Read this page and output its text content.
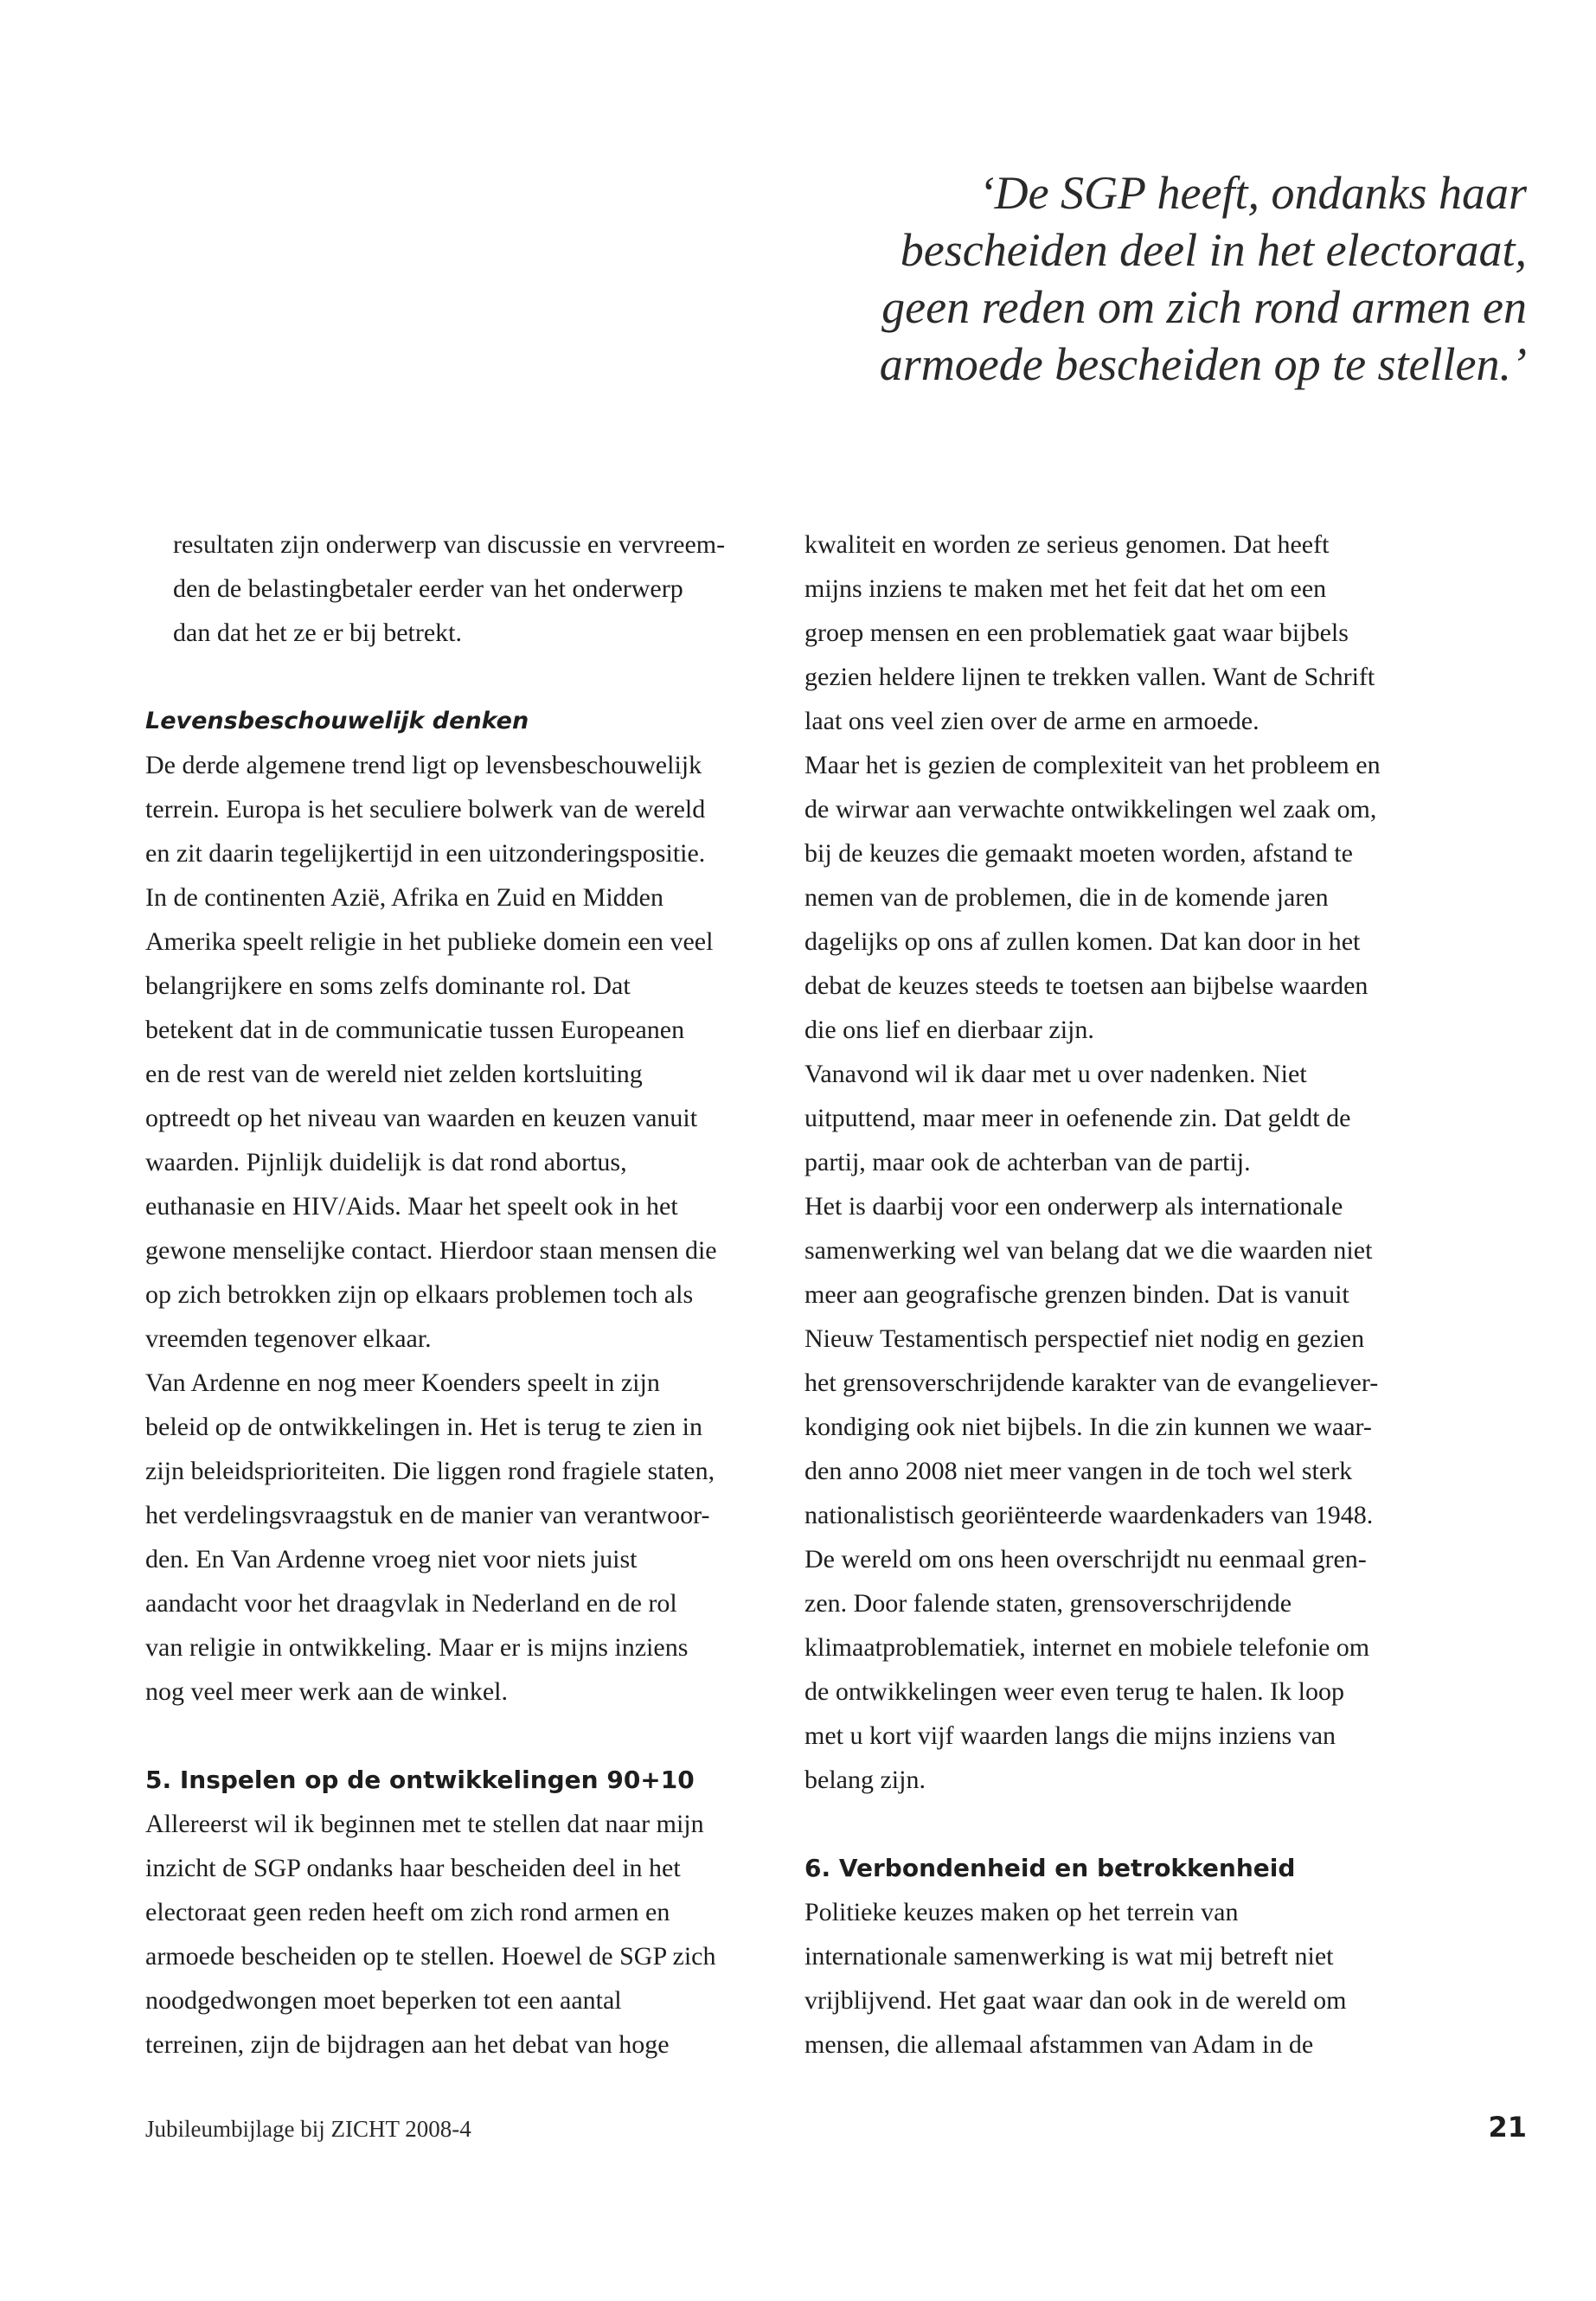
‘De SGP heeft, ondanks haar
bescheiden deel in het electoraat,
geen reden om zich rond armen en
armoede bescheiden op te stellen.’
resultaten zijn onderwerp van discussie en vervreem-
den de belastingbetaler eerder van het onderwerp
dan dat het ze er bij betrekt.
Levensbeschouwelijk denken
De derde algemene trend ligt op levensbeschouwelijk
terrein. Europa is het seculiere bolwerk van de wereld
en zit daarin tegelijkertijd in een uitzonderingspositie.
In de continenten Azië, Afrika en Zuid en Midden
Amerika speelt religie in het publieke domein een veel
belangrijkere en soms zelfs dominante rol. Dat
betekent dat in de communicatie tussen Europeanen
en de rest van de wereld niet zelden kortsluiting
optreedt op het niveau van waarden en keuzen vanuit
waarden. Pijnlijk duidelijk is dat rond abortus,
euthanasie en HIV/Aids. Maar het speelt ook in het
gewone menselijke contact. Hierdoor staan mensen die
op zich betrokken zijn op elkaars problemen toch als
vreemden tegenover elkaar.
Van Ardenne en nog meer Koenders speelt in zijn
beleid op de ontwikkelingen in. Het is terug te zien in
zijn beleidsprioriteiten. Die liggen rond fragiele staten,
het verdelingsvraagstuk en de manier van verantwoor-
den. En Van Ardenne vroeg niet voor niets juist
aandacht voor het draagvlak in Nederland en de rol
van religie in ontwikkeling. Maar er is mijns inziens
nog veel meer werk aan de winkel.
5. Inspelen op de ontwikkelingen 90+10
Allereerst wil ik beginnen met te stellen dat naar mijn
inzicht de SGP ondanks haar bescheiden deel in het
electoraat geen reden heeft om zich rond armen en
armoede bescheiden op te stellen. Hoewel de SGP zich
noodgedwongen moet beperken tot een aantal
terreinen, zijn de bijdragen aan het debat van hoge
kwaliteit en worden ze serieus genomen. Dat heeft
mijns inziens te maken met het feit dat het om een
groep mensen en een problematiek gaat waar bijbels
gezien heldere lijnen te trekken vallen. Want de Schrift
laat ons veel zien over de arme en armoede.
Maar het is gezien de complexiteit van het probleem en
de wirwar aan verwachte ontwikkelingen wel zaak om,
bij de keuzes die gemaakt moeten worden, afstand te
nemen van de problemen, die in de komende jaren
dagelijks op ons af zullen komen. Dat kan door in het
debat de keuzes steeds te toetsen aan bijbelse waarden
die ons lief en dierbaar zijn.
Vanavond wil ik daar met u over nadenken. Niet
uitputtend, maar meer in oefenende zin. Dat geldt de
partij, maar ook de achterban van de partij.
Het is daarbij voor een onderwerp als internationale
samenwerking wel van belang dat we die waarden niet
meer aan geografische grenzen binden. Dat is vanuit
Nieuw Testamentisch perspectief niet nodig en gezien
het grensoverschrijdende karakter van de evangeliever-
kondiging ook niet bijbels. In die zin kunnen we waar-
den anno 2008 niet meer vangen in de toch wel sterk
nationalistisch georiënteerde waardenkaders van 1948.
De wereld om ons heen overschrijdt nu eenmaal gren-
zen. Door falende staten, grensoverschrijdende
klimaatproblematiek, internet en mobiele telefonie om
de ontwikkelingen weer even terug te halen. Ik loop
met u kort vijf waarden langs die mijns inziens van
belang zijn.
6. Verbondenheid en betrokkenheid
Politieke keuzes maken op het terrein van
internationale samenwerking is wat mij betreft niet
vrijblijvend. Het gaat waar dan ook in de wereld om
mensen, die allemaal afstammen van Adam in de
Jubileumbijlage bij ZICHT 2008-4	21
